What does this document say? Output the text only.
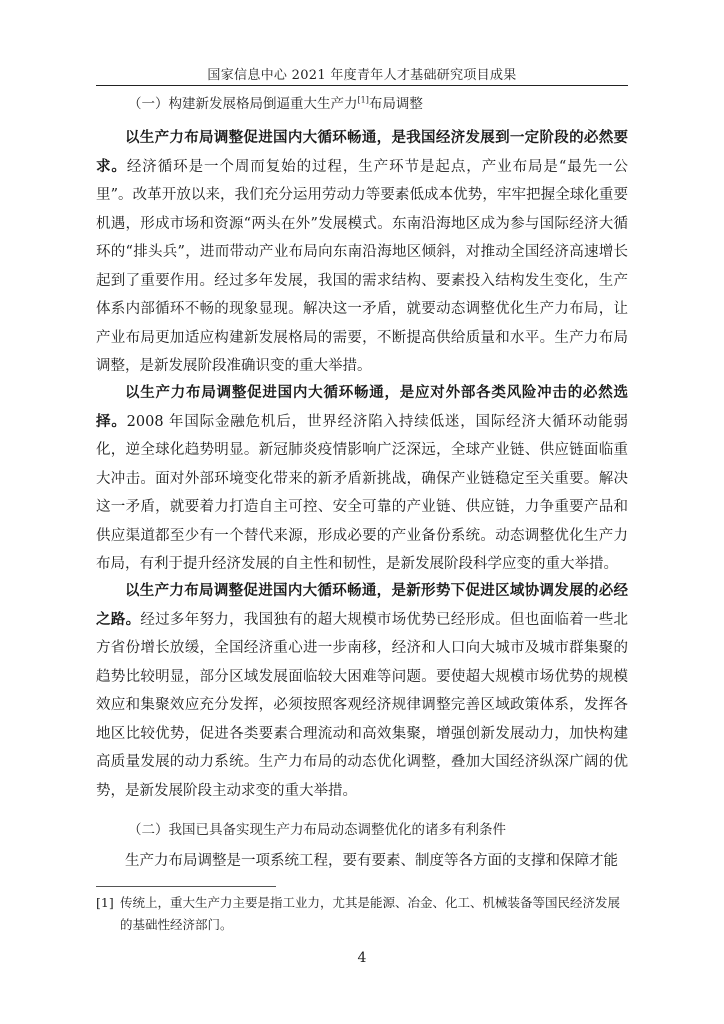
国家信息中心 2021 年度青年人才基础研究项目成果
（一）构建新发展格局倒逼重大生产力[1]布局调整

以生产力布局调整促进国内大循环畅通，是我国经济发展到一定阶段的必然要求。经济循环是一个周而复始的过程，生产环节是起点，产业布局是“最先一公里”。改革开放以来，我们充分运用劳动力等要素低成本优势，牢牢把握全球化重要机遇，形成市场和资源“两头在外”发展模式。东南沿海地区成为参与国际经济大循环的“排头兵”，进而带动产业布局向东南沿海地区倾斜，对推动全国经济高速增长起到了重要作用。经过多年发展，我国的需求结构、要素投入结构发生变化，生产体系内部循环不畅的现象显现。解决这一矛盾，就要动态调整优化生产力布局，让产业布局更加适应构建新发展格局的需要，不断提高供给质量和水平。生产力布局调整，是新发展阶段准确识变的重大举措。

以生产力布局调整促进国内大循环畅通，是应对外部各类风险冲击的必然选择。2008 年国际金融危机后，世界经济陷入持续低迷，国际经济大循环动能弱化，逆全球化趋势明显。新冠肺炎疫情影响广泛深远，全球产业链、供应链面临重大冲击。面对外部环境变化带来的新矛盾新挑战，确保产业链稳定至关重要。解决这一矛盾，就要着力打造自主可控、安全可靠的产业链、供应链，力争重要产品和供应渠道都至少有一个替代来源，形成必要的产业备份系统。动态调整优化生产力布局，有利于提升经济发展的自主性和韧性，是新发展阶段科学应变的重大举措。

以生产力布局调整促进国内大循环畅通，是新形势下促进区域协调发展的必经之路。经过多年努力，我国独有的超大规模市场优势已经形成。但也面临着一些北方省份增长放缓，全国经济重心进一步南移，经济和人口向大城市及城市群集聚的趋势比较明显，部分区域发展面临较大困难等问题。要使超大规模市场优势的规模效应和集聚效应充分发挥，必须按照客观经济规律调整完善区域政策体系，发挥各地区比较优势，促进各类要素合理流动和高效集聚，增强创新发展动力，加快构建高质量发展的动力系统。生产力布局的动态优化调整，叠加大国经济纵深广阔的优势，是新发展阶段主动求变的重大举措。

（二）我国已具备实现生产力布局动态调整优化的诸多有利条件

生产力布局调整是一项系统工程，要有要素、制度等各方面的支撑和保障才能

[1] 传统上，重大生产力主要是指工业力，尤其是能源、冶金、化工、机械装备等国民经济发展的基础性经济部门。
4
